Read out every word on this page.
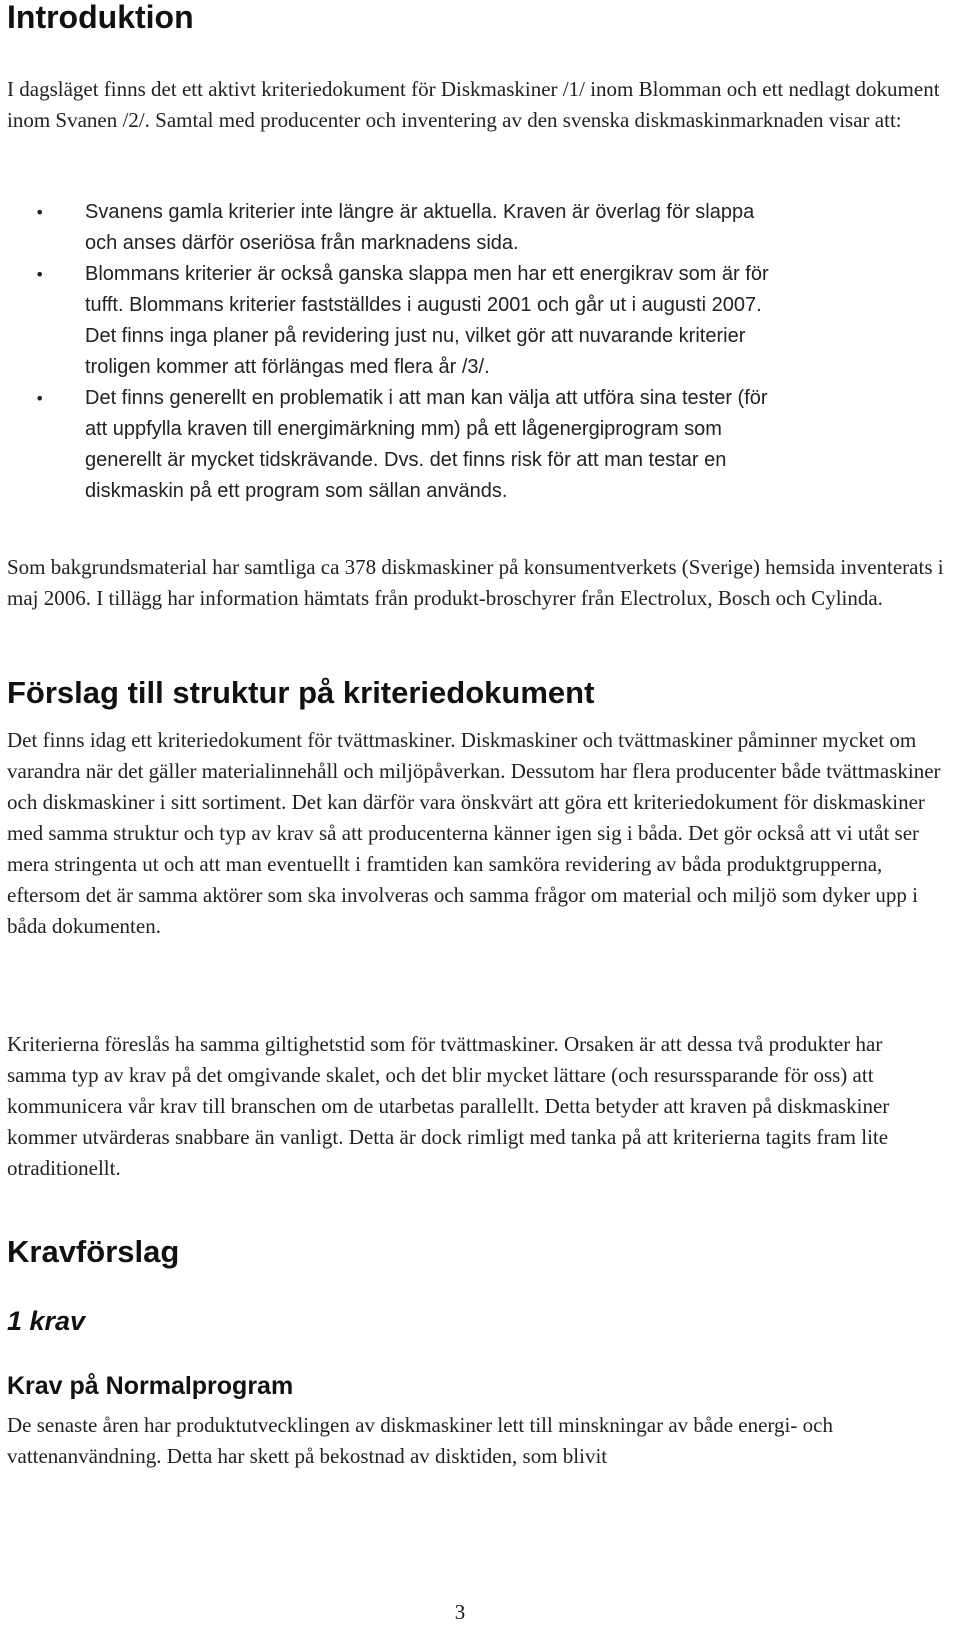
Introduktion

I dagsläget finns det ett aktivt kriteriedokument för Diskmaskiner /1/ inom Blomman och ett nedlagt dokument inom Svanen /2/. Samtal med producenter och inventering av den svenska diskmaskinmarknaden visar att:

• Svanens gamla kriterier inte längre är aktuella. Kraven är överlag för slappa
och anses därför oseriösa från marknadens sida.
• Blommans kriterier är också ganska slappa men har ett energikrav som är för
tufft. Blommans kriterier fastställdes i augusti 2001 och går ut i augusti 2007.
Det finns inga planer på revidering just nu, vilket gör att nuvarande kriterier
troligen kommer att förlängas med flera år /3/.
• Det finns generellt en problematik i att man kan välja att utföra sina tester (för
att uppfylla kraven till energimärkning mm) på ett lågenergiprogram som
generellt är mycket tidskrävande. Dvs. det finns risk för att man testar en
diskmaskin på ett program som sällan används.

Som bakgrundsmaterial har samtliga ca 378 diskmaskiner på konsumentverkets (Sverige) hemsida inventerats i maj 2006. I tillägg har information hämtats från produkt-broschyrer från Electrolux, Bosch och Cylinda.

Förslag till struktur på kriteriedokument

Det finns idag ett kriteriedokument för tvättmaskiner. Diskmaskiner och tvättmaskiner påminner mycket om varandra när det gäller materialinnehåll och miljöpåverkan. Dessutom har flera producenter både tvättmaskiner och diskmaskiner i sitt sortiment. Det kan därför vara önskvärt att göra ett kriteriedokument för diskmaskiner med samma struktur och typ av krav så att producenterna känner igen sig i båda. Det gör också att vi utåt ser mera stringenta ut och att man eventuellt i framtiden kan samköra revidering av båda produktgrupperna, eftersom det är samma aktörer som ska involveras och samma frågor om material och miljö som dyker upp i båda dokumenten.

Kriterierna föreslås ha samma giltighetstid som för tvättmaskiner. Orsaken är att dessa två produkter har samma typ av krav på det omgivande skalet, och det blir mycket lättare (och resurssparande för oss) att kommunicera vår krav till branschen om de utarbetas parallellt. Detta betyder att kraven på diskmaskiner kommer utvärderas snabbare än vanligt. Detta är dock rimligt med tanka på att kriterierna tagits fram lite otraditionellt.

Kravförslag
1 krav
Krav på Normalprogram

De senaste åren har produktutvecklingen av diskmaskiner lett till minskningar av både energi- och vattenanvändning. Detta har skett på bekostnad av disktiden, som blivit

3
